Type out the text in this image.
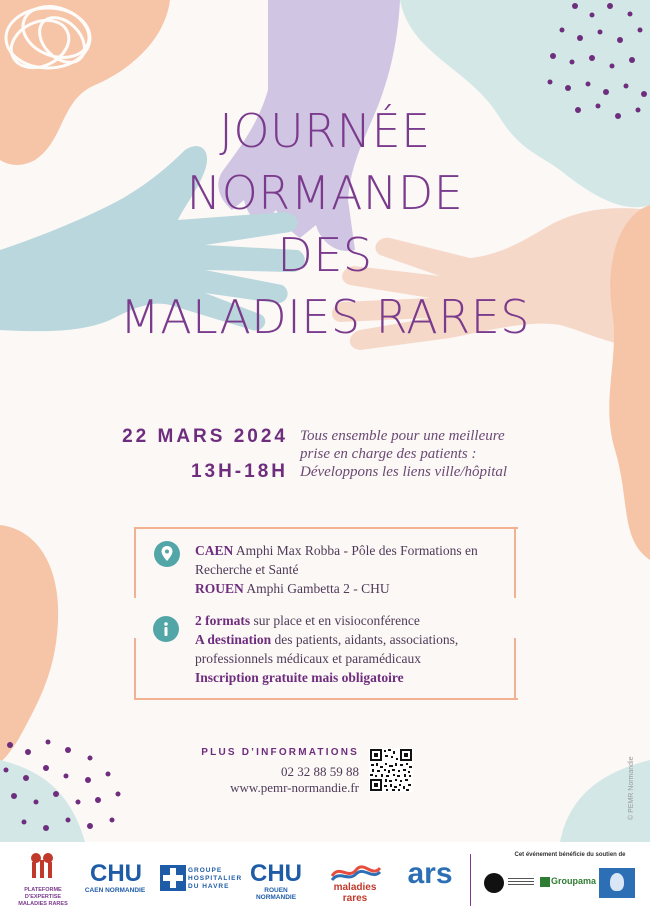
JOURNÉE
NORMANDE
DES
MALADIES RARES
22 MARS 2024
13H-18H
Tous ensemble pour une meilleure
prise en charge des patients :
Développons les liens ville/hôpital
CAEN Amphi Max Robba - Pôle des Formations en
Recherche et Santé
ROUEN Amphi Gambetta 2 - CHU
2 formats sur place et en visioconférence
A destination des patients, aidants, associations,
professionnels médicaux et paramédicaux
Inscription gratuite mais obligatoire
PLUS D’INFORMATIONS
02 32 88 59 88
www.pemr-normandie.fr	© PEMR Normandie
PLATEFORME D'EXPERTISE
MALADIES RARES
CHU
CAEN NORMANDIE
GROUPE
HOSPITALIER
DU HAVRE CHU
ROUEN NORMANDIE
maladies rares
ars
Cet événement bénéficie du soutien de
Groupama
